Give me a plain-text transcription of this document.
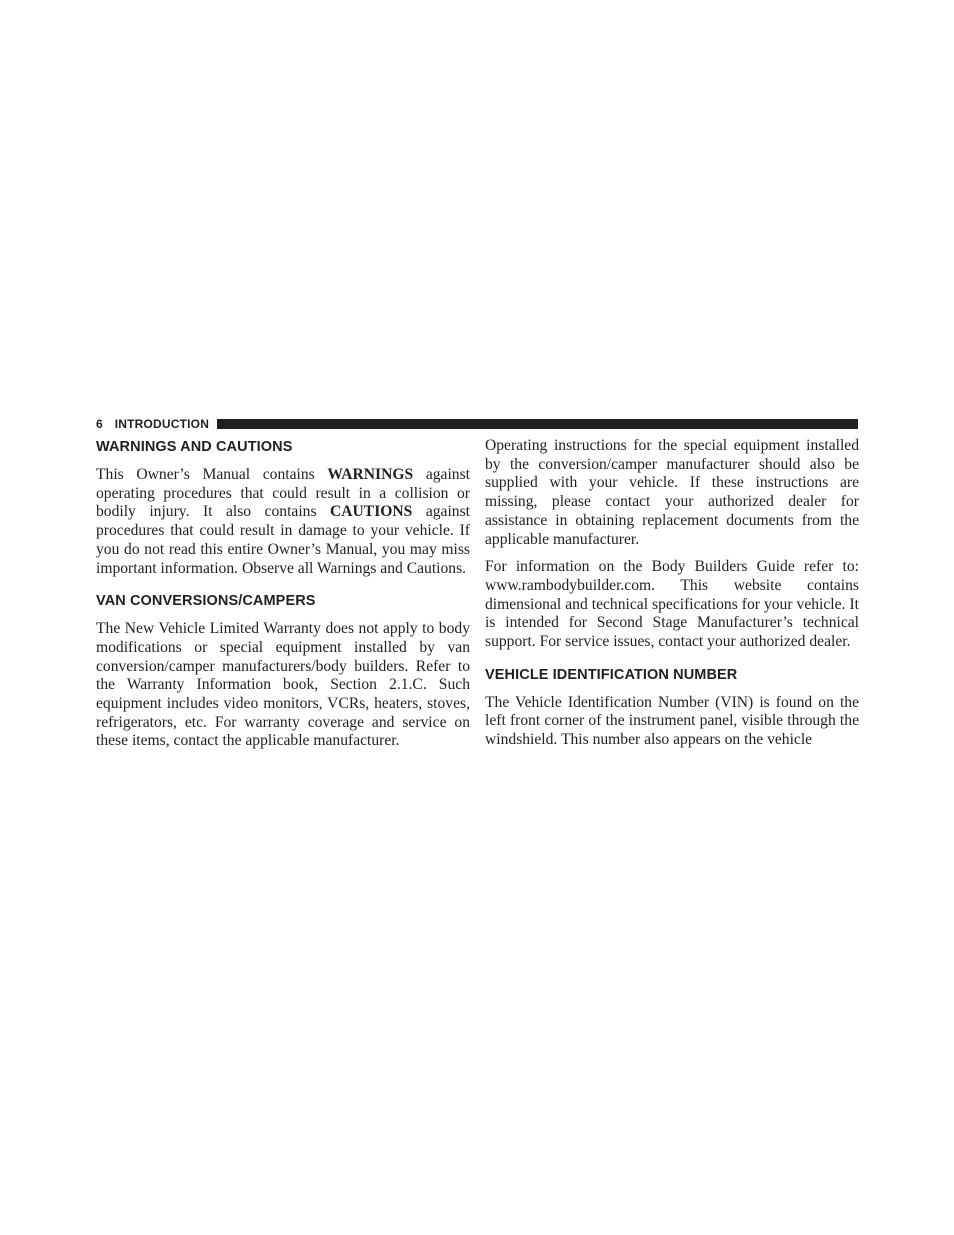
6 INTRODUCTION
WARNINGS AND CAUTIONS

This Owner’s Manual contains WARNINGS against operating procedures that could result in a collision or bodily injury. It also contains CAUTIONS against procedures that could result in damage to your vehicle. If you do not read this entire Owner’s Manual, you may miss important information. Observe all Warnings and Cautions.

VAN CONVERSIONS/CAMPERS

The New Vehicle Limited Warranty does not apply to body modifications or special equipment installed by van conversion/camper manufacturers/body builders. Refer to the Warranty Information book, Section 2.1.C. Such equipment includes video monitors, VCRs, heaters, stoves, refrigerators, etc. For warranty coverage and service on these items, contact the applicable manufacturer.

Operating instructions for the special equipment installed by the conversion/camper manufacturer should also be supplied with your vehicle. If these instructions are missing, please contact your authorized dealer for assistance in obtaining replacement documents from the applicable manufacturer.

For information on the Body Builders Guide refer to: www.rambodybuilder.com. This website contains dimensional and technical specifications for your vehicle. It is intended for Second Stage Manufacturer’s technical support. For service issues, contact your authorized dealer.

VEHICLE IDENTIFICATION NUMBER

The Vehicle Identification Number (VIN) is found on the left front corner of the instrument panel, visible through the windshield. This number also appears on the vehicle
